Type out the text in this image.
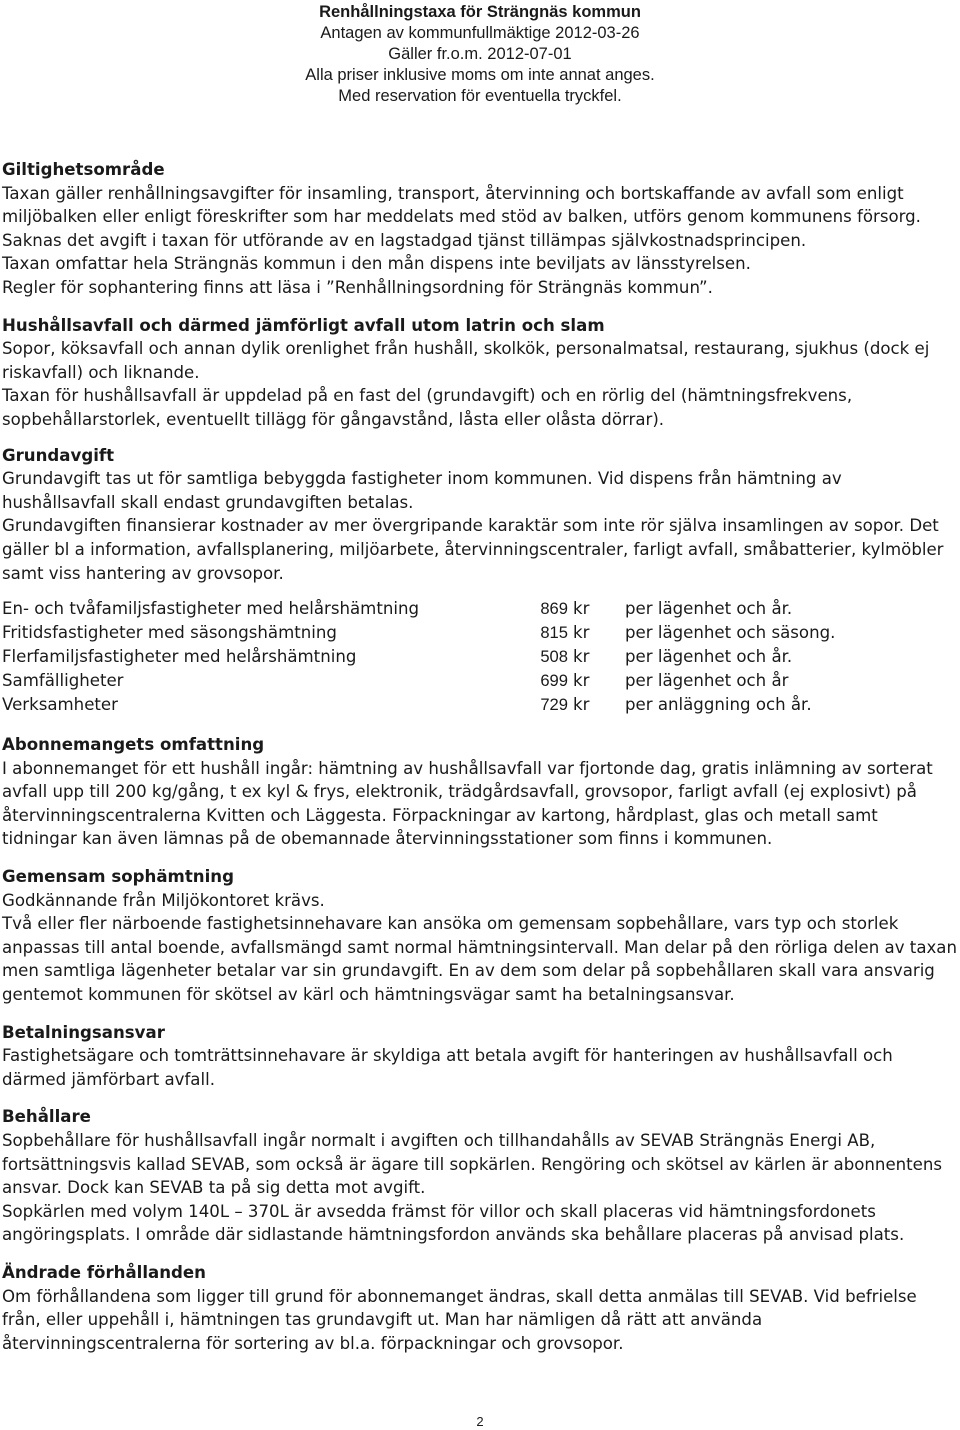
Renhållningstaxa för Strängnäs kommun
Antagen av kommunfullmäktige 2012-03-26
Gäller fr.o.m. 2012-07-01
Alla priser inklusive moms om inte annat anges.
Med reservation för eventuella tryckfel.
Giltighetsområde

Taxan gäller renhållningsavgifter för insamling, transport, återvinning och bortskaffande av avfall som enligt miljöbalken eller enligt föreskrifter som har meddelats med stöd av balken, utförs genom kommunens försorg. Saknas det avgift i taxan för utförande av en lagstadgad tjänst tillämpas självkostnadsprincipen.

Taxan omfattar hela Strängnäs kommun i den mån dispens inte beviljats av länsstyrelsen.

Regler för sophantering finns att läsa i ”Renhållningsordning för Strängnäs kommun”.

Hushållsavfall och därmed jämförligt avfall utom latrin och slam

Sopor, köksavfall och annan dylik orenlighet från hushåll, skolkök, personalmatsal, restaurang, sjukhus (dock ej riskavfall) och liknande.

Taxan för hushållsavfall är uppdelad på en fast del (grundavgift) och en rörlig del (hämtningsfrekvens, sopbehållarstorlek, eventuellt tillägg för gångavstånd, låsta eller olåsta dörrar).

Grundavgift

Grundavgift tas ut för samtliga bebyggda fastigheter inom kommunen. Vid dispens från hämtning av hushållsavfall skall endast grundavgiften betalas.

Grundavgiften finansierar kostnader av mer övergripande karaktär som inte rör själva insamlingen av sopor. Det gäller bl a information, avfallsplanering, miljöarbete, återvinningscentraler, farligt avfall, småbatterier, kylmöbler samt viss hantering av grovsopor.

En- och tvåfamiljsfastigheter med helårshämtning	869	kr	per lägenhet och år.
Fritidsfastigheter med säsongshämtning	815	kr	per lägenhet och säsong.
Flerfamiljsfastigheter med helårshämtning	508	kr	per lägenhet och år.
Samfälligheter	699	kr	per lägenhet och år
Verksamheter	729	kr	per anläggning och år.
Abonnemangets omfattning

I abonnemanget för ett hushåll ingår: hämtning av hushållsavfall var fjortonde dag, gratis inlämning av sorterat avfall upp till 200 kg/gång, t ex kyl & frys, elektronik, trädgårdsavfall, grovsopor, farligt avfall (ej explosivt) på återvinningscentralerna Kvitten och Läggesta. Förpackningar av kartong, hårdplast, glas och metall samt tidningar kan även lämnas på de obemannade återvinningsstationer som finns i kommunen.

Gemensam sophämtning

Godkännande från Miljökontoret krävs.

Två eller fler närboende fastighetsinnehavare kan ansöka om gemensam sopbehållare, vars typ och storlek anpassas till antal boende, avfallsmängd samt normal hämtningsintervall. Man delar på den rörliga delen av taxan men samtliga lägenheter betalar var sin grundavgift. En av dem som delar på sopbehållaren skall vara ansvarig gentemot kommunen för skötsel av kärl och hämtningsvägar samt ha betalningsansvar.

Betalningsansvar

Fastighetsägare och tomträttsinnehavare är skyldiga att betala avgift för hanteringen av hushållsavfall och därmed jämförbart avfall.

Behållare

Sopbehållare för hushållsavfall ingår normalt i avgiften och tillhandahålls av SEVAB Strängnäs Energi AB, fortsättningsvis kallad SEVAB, som också är ägare till sopkärlen. Rengöring och skötsel av kärlen är abonnentens ansvar. Dock kan SEVAB ta på sig detta mot avgift.

Sopkärlen med volym 140L – 370L är avsedda främst för villor och skall placeras vid hämtningsfordonets angöringsplats. I område där sidlastande hämtningsfordon används ska behållare placeras på anvisad plats.

Ändrade förhållanden

Om förhållandena som ligger till grund för abonnemanget ändras, skall detta anmälas till SEVAB. Vid befrielse från, eller uppehåll i, hämtningen tas grundavgift ut. Man har nämligen då rätt att använda återvinningscentralerna för sortering av bl.a. förpackningar och grovsopor.

2
